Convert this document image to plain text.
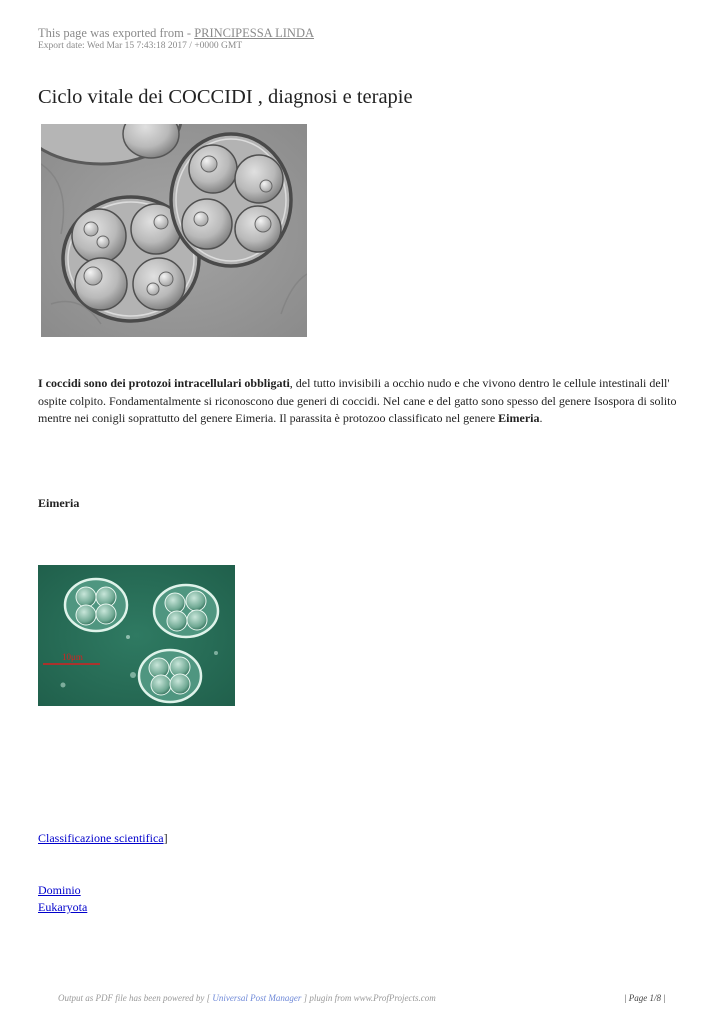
This page was exported from - PRINCIPESSA LINDA
Export date: Wed Mar 15 7:43:18 2017 / +0000 GMT
Ciclo vitale dei COCCIDI , diagnosi e terapie

I coccidi sono dei protozoi intracellulari obbligati, del tutto invisibili a occhio nudo e che vivono dentro le cellule intestinali dell' ospite colpito. Fondamentalmente si riconoscono due generi di coccidi. Nel cane e del gatto sono spesso del genere Isospora di solito mentre nei conigli soprattutto del genere Eimeria. Il parassita è protozoo classificato nel genere Eimeria.

Eimeria
10μm
Classificazione scientifica]
Dominio
Eukaryota
Output as PDF file has been powered by [ Universal Post Manager ] plugin from www.ProfProjects.com	| Page 1/8 |
